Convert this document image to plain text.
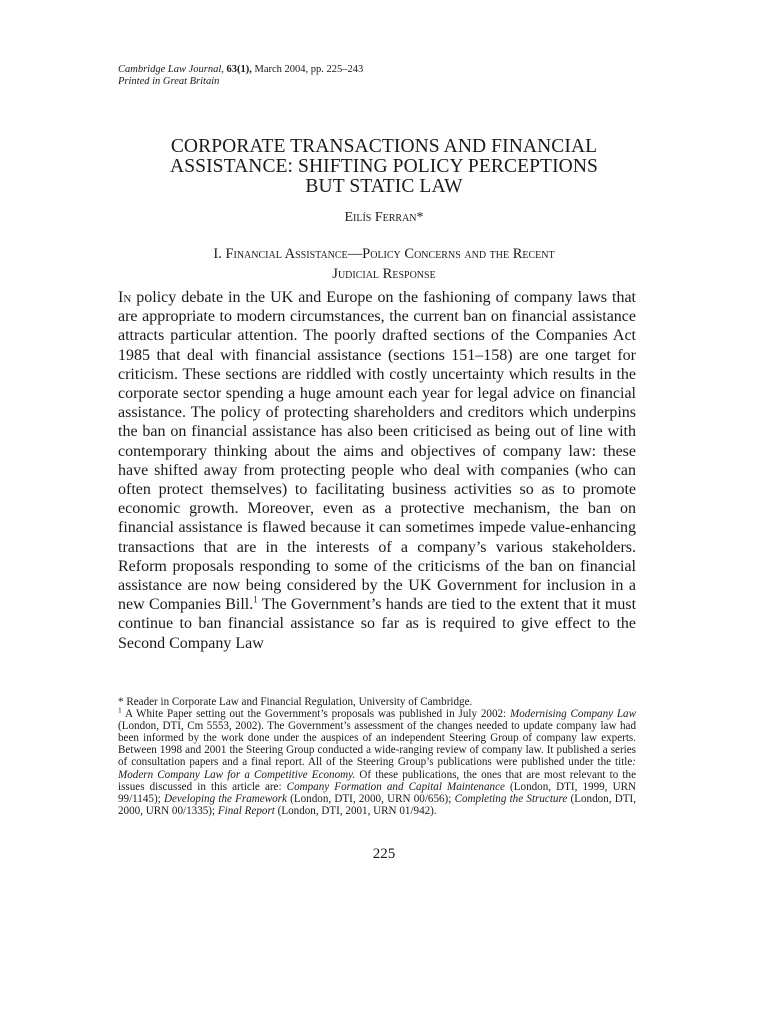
Cambridge Law Journal, 63(1), March 2004, pp. 225–243
Printed in Great Britain
CORPORATE TRANSACTIONS AND FINANCIAL
ASSISTANCE: SHIFTING POLICY PERCEPTIONS
BUT STATIC LAW
Eilís Ferran*
I. Financial Assistance—Policy Concerns and the Recent
Judicial Response
In policy debate in the UK and Europe on the fashioning of company laws that are appropriate to modern circumstances, the current ban on financial assistance attracts particular attention. The poorly drafted sections of the Companies Act 1985 that deal with financial assistance (sections 151–158) are one target for criticism. These sections are riddled with costly uncertainty which results in the corporate sector spending a huge amount each year for legal advice on financial assistance. The policy of protecting shareholders and creditors which underpins the ban on financial assistance has also been criticised as being out of line with contemporary thinking about the aims and objectives of company law: these have shifted away from protecting people who deal with companies (who can often protect themselves) to facilitating business activities so as to promote economic growth. Moreover, even as a protective mechanism, the ban on financial assistance is flawed because it can sometimes impede value-enhancing transactions that are in the interests of a company’s various stakeholders. Reform proposals responding to some of the criticisms of the ban on financial assistance are now being considered by the UK Government for inclusion in a new Companies Bill.$^1$ The Government’s hands are tied to the extent that it must continue to ban financial assistance so far as is required to give effect to the Second Company Law

* Reader in Corporate Law and Financial Regulation, University of Cambridge.

$^1$ A White Paper setting out the Government’s proposals was published in July 2002: Modernising Company Law (London, DTI, Cm 5553, 2002). The Government’s assessment of the changes needed to update company law had been informed by the work done under the auspices of an independent Steering Group of company law experts. Between 1998 and 2001 the Steering Group conducted a wide-ranging review of company law. It published a series of consultation papers and a final report. All of the Steering Group’s publications were published under the title: Modern Company Law for a Competitive Economy. Of these publications, the ones that are most relevant to the issues discussed in this article are: Company Formation and Capital Maintenance (London, DTI, 1999, URN 99/1145); Developing the Framework (London, DTI, 2000, URN 00/656); Completing the Structure (London, DTI, 2000, URN 00/1335); Final Report (London, DTI, 2001, URN 01/942).

225
